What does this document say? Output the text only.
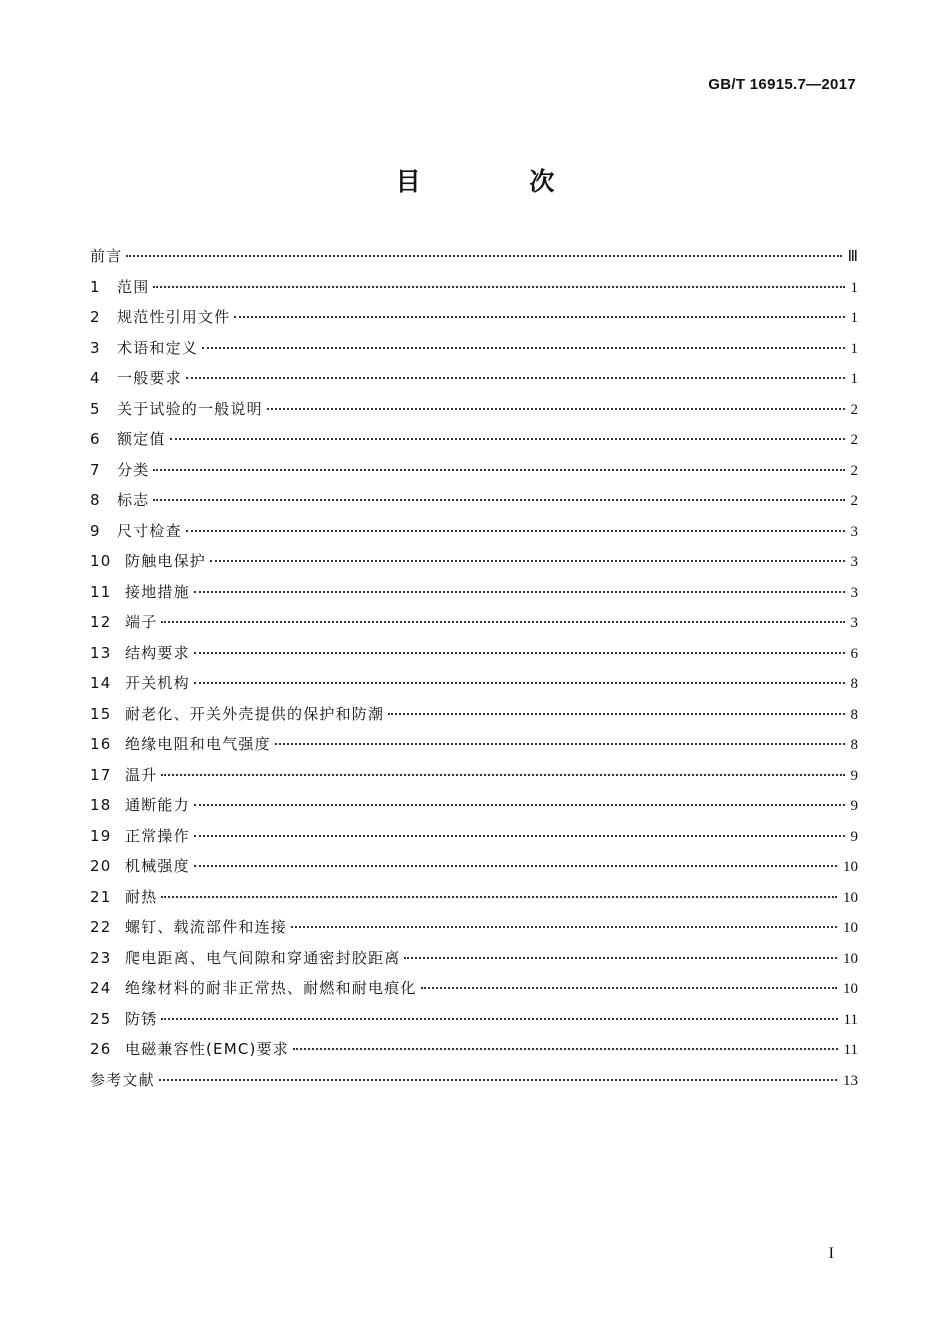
GB/T 16915.7—2017
目 次
前言	Ⅲ
1	范围	1
2	规范性引用文件	1
3	术语和定义	1
4	一般要求	1
5	关于试验的一般说明	2
6	额定值	2
7	分类	2
8	标志	2
9	尺寸检查	3
10 防触电保护	3
11 接地措施	3
12 端子	3
13 结构要求	6
14 开关机构	8
15 耐老化、开关外壳提供的保护和防潮	8
16 绝缘电阻和电气强度	8
17 温升	9
18 通断能力	9
19 正常操作	9
20 机械强度	10
21 耐热	10
22 螺钉、载流部件和连接	10
23 爬电距离、电气间隙和穿通密封胶距离	10
24 绝缘材料的耐非正常热、耐燃和耐电痕化	10
25 防锈	11
26 电磁兼容性(EMC)要求	11
参考文献	13
I
